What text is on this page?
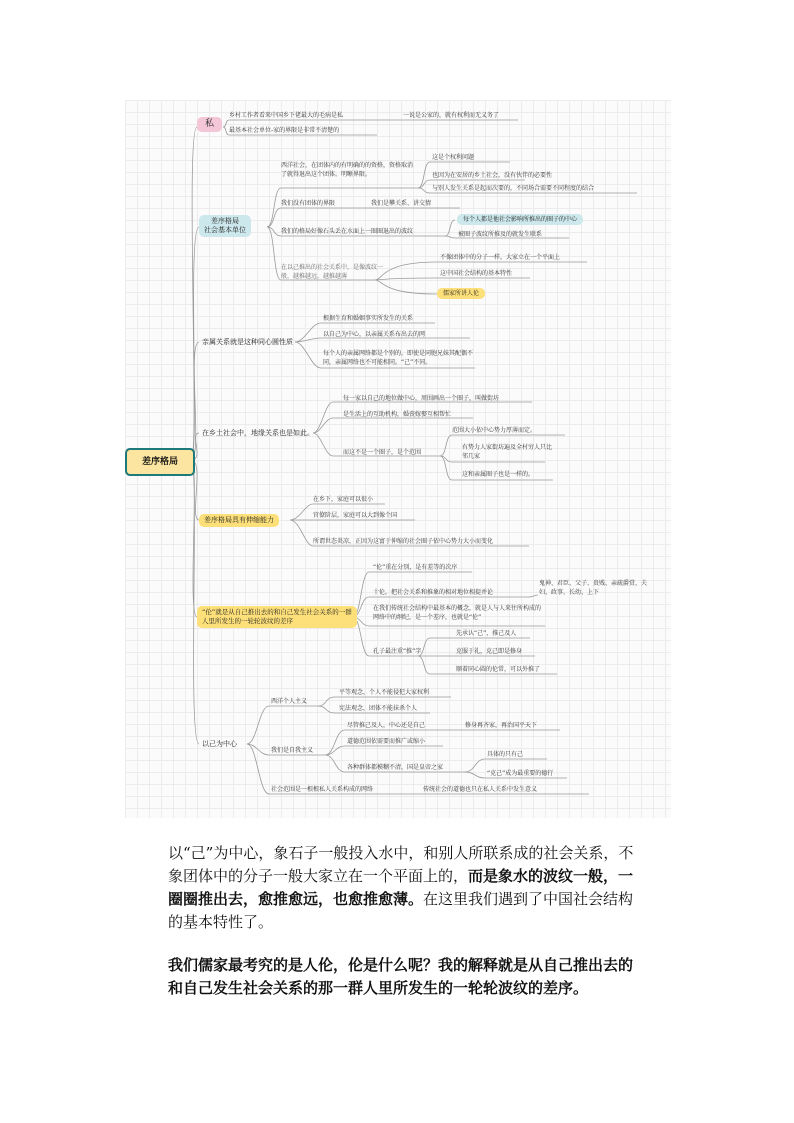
差序格局
私
差序格局
社会基本单位
亲属关系就是这种同心圆性质
在乡土社会中，地缘关系也是如此。
差序格局具有伸缩能力
“伦”就是从自己推出去的和自己发生社会关系的一群人里所发生的一轮轮波纹的差序
以己为中心
乡村工作者看来中国乡下佬最大的毛病是私	一说是公家的，就有权利而无义务了
最基本社会单位-家的界限是非常不清楚的
西洋社会，在团体内的有明确的的资格，资格取消了就得退出这个团体。明晰界限。
这是个权利问题
也因为在安居的乡土社会，没有伙伴的必要性
与别人发生关系是起而次要的，不同场合需要不同程度的结合
我们没有团体的界限	我们是攀关系、讲交情
我们的格局好像石头丢在水面上一圈圈退出的波纹
每个人都是他社会影响所推出的圈子的中心
被圈子波纹所推及的就发生联系
在以己推出的社会关系中，是像波纹一般，越推越远，越推越薄
不像团体中的分子一样，大家立在一个平面上
这中国社会结构的基本特性
儒家所讲人伦
根据生育和婚姻事实所发生的关系
以自己为中心，以亲属关系布出去的网
每个人的亲属网络都是个别的，即使是同胞兄妹其配偶不同，亲属网络也不可能相同。“己”不同。
每一家以自己的地位做中心，周围画出一个圈子，叫做街坊
是生活上的互助机构，婚丧嫁娶互相帮忙
而这不是一个圈子，是个范围
范围大小依中心势力厚薄而定。
有势力人家街坊遍及全村穷人只比邻几家
这和亲属圈子也是一样的。
在乡下，家庭可以很小
官僚阶层，家庭可以大到像个国
所谓世态炎凉，正因为这富于伸缩的社会圈子依中心势力大小而变化
“伦”重在分别，是有差等的次序
十伦，把社会关系和推象的相对地位相提并论
鬼神、君臣、父子、贵贱、亲疏爵赏、夫妇、政事、长幼、上下
在我们传统社会结构中最基本的概念，就是人与人来往所构成的网络中的纲纪，是一个差序，也就是“伦”
孔子最注重“推”字
先承认“己”，推己及人
克服于礼，克己即是修身
顺着同心圆的伦常，可以外推了
西洋个人主义
平等观念，个人不能侵犯大家权利
宪法观念，团体不能抹杀个人
我们是自我主义
尽管推己及人，中心还是自己	修身再齐家，再治国平天下
道德范围依需要而推广或缩小
各种群体都模糊不清，国是皇帝之家
具体的只有己
“克己”成为最重要的德行
社会范围是一根根私人关系构成的网络	传统社会的道德也只在私人关系中发生意义

以“己”为中心，象石子一般投入水中，和别人所联系成的社会关系，不象团体中的分子一般大家立在一个平面上的，而是象水的波纹一般，一圈圈推出去，愈推愈远，也愈推愈薄。在这里我们遇到了中国社会结构的基本特性了。

我们儒家最考究的是人伦，伦是什么呢？我的解释就是从自己推出去的和自己发生社会关系的那一群人里所发生的一轮轮波纹的差序。
